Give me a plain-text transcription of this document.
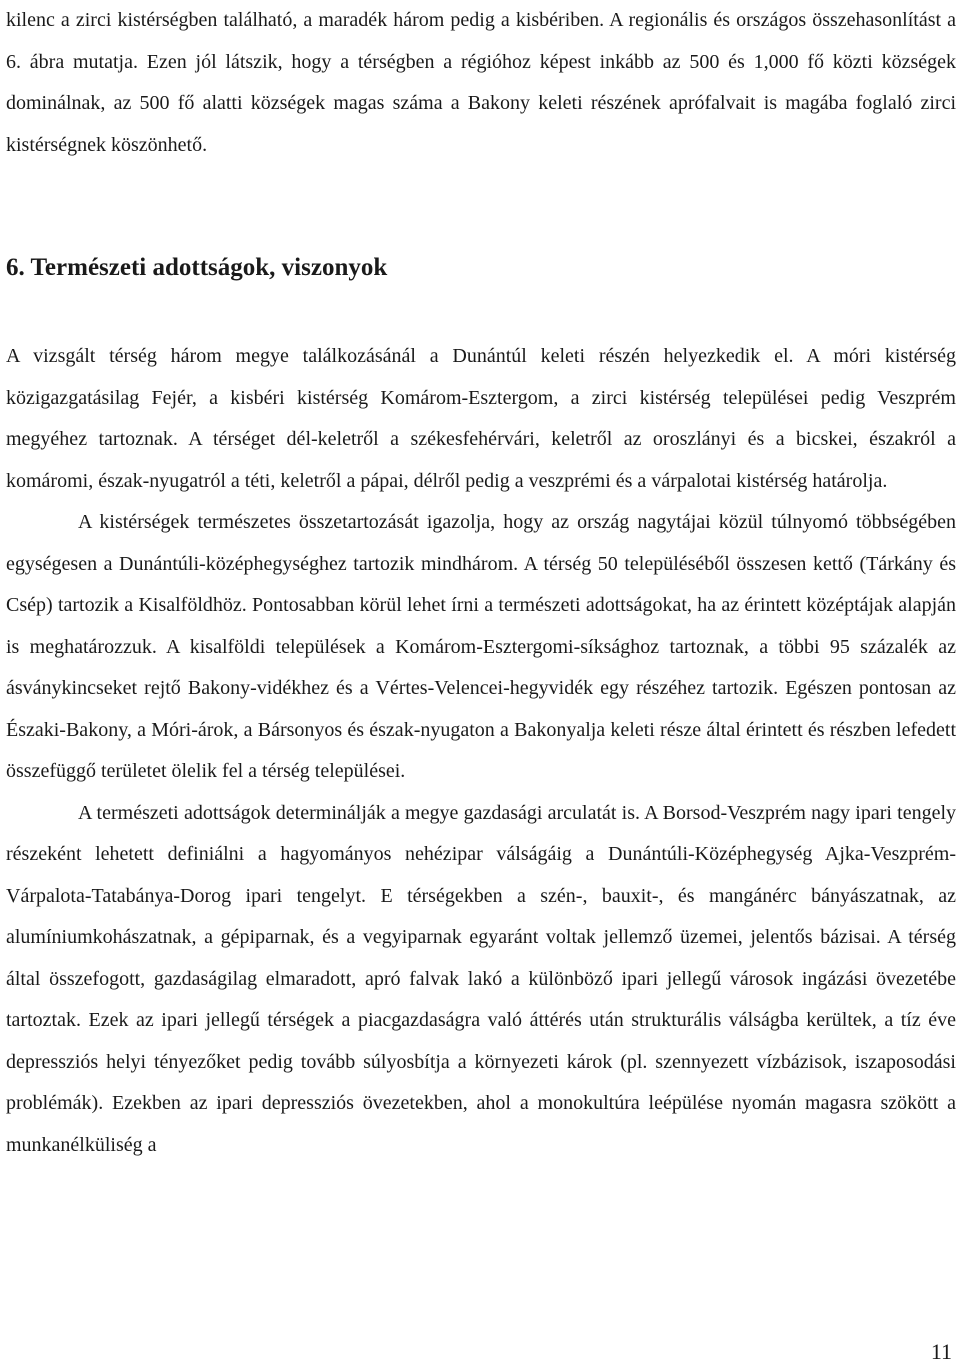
kilenc a zirci kistérségben található, a maradék három pedig a kisbériben. A regionális és országos összehasonlítást a 6. ábra mutatja. Ezen jól látszik, hogy a térségben a régióhoz képest inkább az 500 és 1,000 fő közti községek dominálnak, az 500 fő alatti községek magas száma a Bakony keleti részének aprófalvait is magába foglaló zirci kistérségnek köszönhető.

6. Természeti adottságok, viszonyok

A vizsgált térség három megye találkozásánál a Dunántúl keleti részén helyezkedik el. A móri kistérség közigazgatásilag Fejér, a kisbéri kistérség Komárom-Esztergom, a zirci kistérség települései pedig Veszprém megyéhez tartoznak. A térséget dél-keletről a székesfehérvári, keletről az oroszlányi és a bicskei, északról a komáromi, észak-nyugatról a téti, keletről a pápai, délről pedig a veszprémi és a várpalotai kistérség határolja.

A kistérségek természetes összetartozását igazolja, hogy az ország nagytájai közül túlnyomó többségében egységesen a Dunántúli-középhegységhez tartozik mindhárom. A térség 50 településéből összesen kettő (Tárkány és Csép) tartozik a Kisalföldhöz. Pontosabban körül lehet írni a természeti adottságokat, ha az érintett középtájak alapján is meghatározzuk. A kisalföldi települések a Komárom-Esztergomi-síksághoz tartoznak, a többi 95 százalék az ásványkincseket rejtő Bakony-vidékhez és a Vértes-Velencei-hegyvidék egy részéhez tartozik. Egészen pontosan az Északi-Bakony, a Móri-árok, a Bársonyos és észak-nyugaton a Bakonyalja keleti része által érintett és részben lefedett összefüggő területet ölelik fel a térség települései.

A természeti adottságok determinálják a megye gazdasági arculatát is. A Borsod-Veszprém nagy ipari tengely részeként lehetett definiálni a hagyományos nehézipar válságáig a Dunántúli-Középhegység Ajka-Veszprém-Várpalota-Tatabánya-Dorog ipari tengelyt. E térségekben a szén-, bauxit-, és mangánérc bányászatnak, az alumíniumkohászatnak, a gépiparnak, és a vegyiparnak egyaránt voltak jellemző üzemei, jelentős bázisai. A térség által összefogott, gazdaságilag elmaradott, apró falvak lakó a különböző ipari jellegű városok ingázási övezetébe tartoztak. Ezek az ipari jellegű térségek a piacgazdaságra való áttérés után strukturális válságba kerültek, a tíz éve depressziós helyi tényezőket pedig tovább súlyosbítja a környezeti károk (pl. szennyezett vízbázisok, iszaposodási problémák). Ezekben az ipari depressziós övezetekben, ahol a monokultúra leépülése nyomán magasra szökött a munkanélküliség a

11
